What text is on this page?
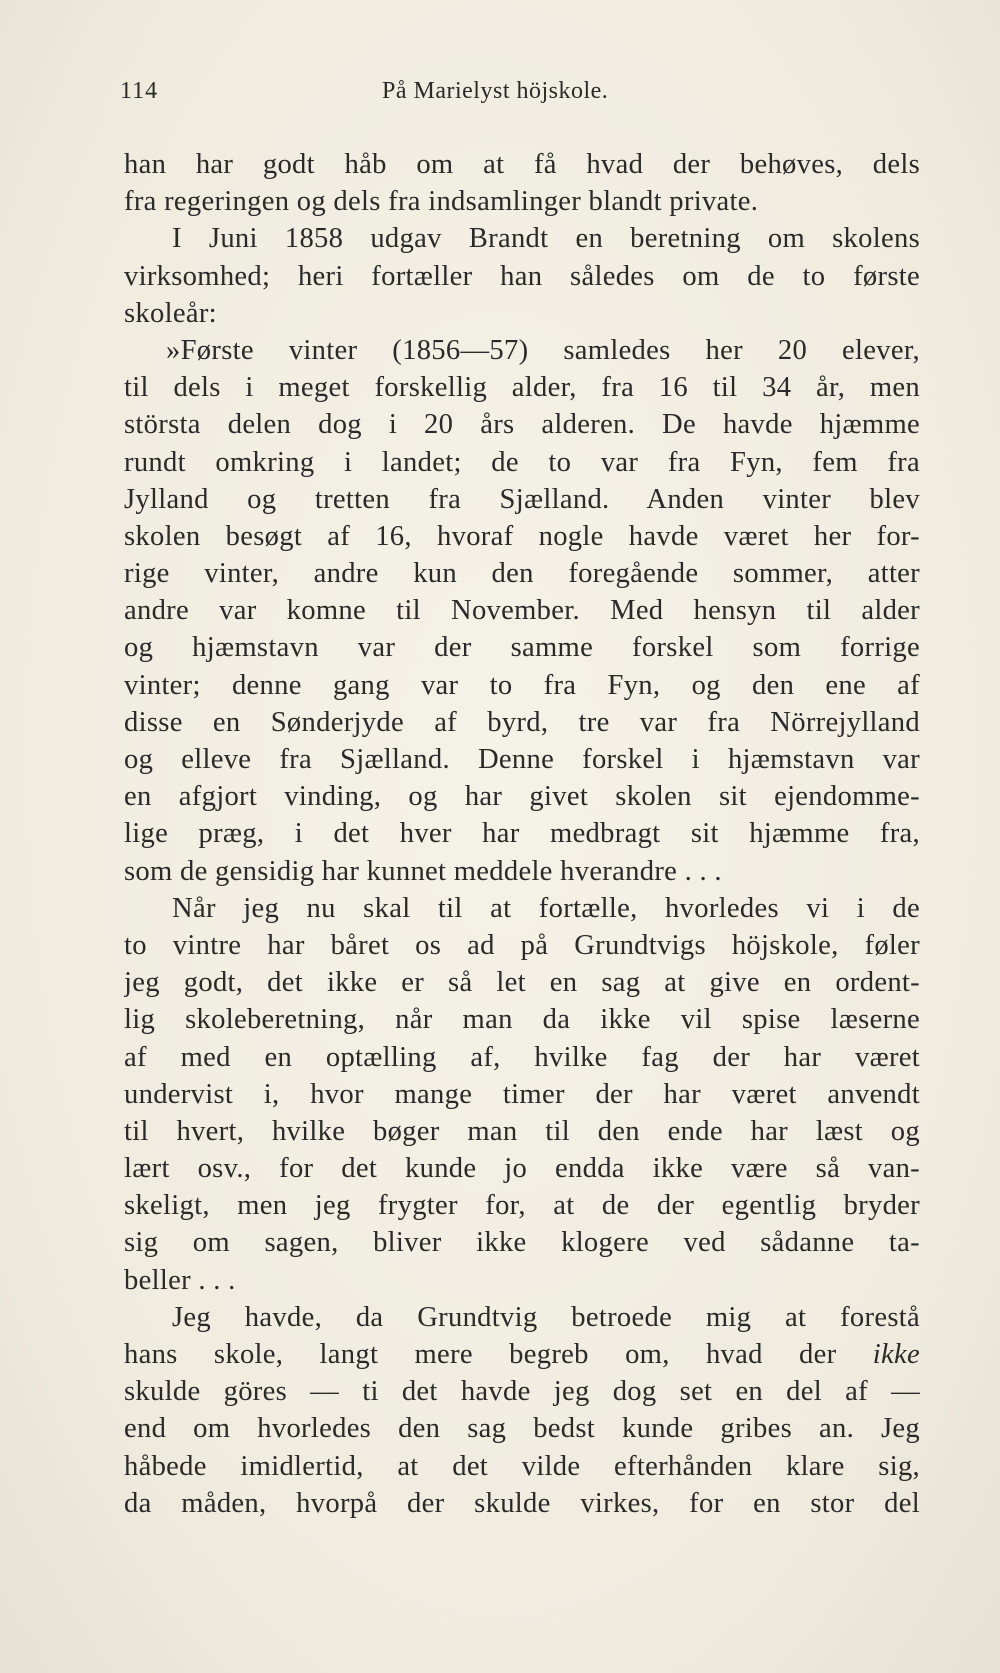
114	På Marielyst höjskole.
han har godt håb om at få hvad der behøves, dels
fra regeringen og dels fra indsamlinger blandt private.
I Juni 1858 udgav Brandt en beretning om skolens
virksomhed; heri fortæller han således om de to første
skoleår:
»Første vinter (1856—57) samledes her 20 elever,
til dels i meget forskellig alder, fra 16 til 34 år, men
största delen dog i 20 års alderen. De havde hjæmme
rundt omkring i landet; de to var fra Fyn, fem fra
Jylland og tretten fra Sjælland. Anden vinter blev
skolen besøgt af 16, hvoraf nogle havde været her for-
rige vinter, andre kun den foregående sommer, atter
andre var komne til November. Med hensyn til alder
og hjæmstavn var der samme forskel som forrige
vinter; denne gang var to fra Fyn, og den ene af
disse en Sønderjyde af byrd, tre var fra Nörrejylland
og elleve fra Sjælland. Denne forskel i hjæmstavn var
en afgjort vinding, og har givet skolen sit ejendomme-
lige præg, i det hver har medbragt sit hjæmme fra,
som de gensidig har kunnet meddele hverandre . . .
Når jeg nu skal til at fortælle, hvorledes vi i de
to vintre har båret os ad på Grundtvigs höjskole, føler
jeg godt, det ikke er så let en sag at give en ordent-
lig skoleberetning, når man da ikke vil spise læserne
af med en optælling af, hvilke fag der har været
undervist i, hvor mange timer der har været anvendt
til hvert, hvilke bøger man til den ende har læst og
lært osv., for det kunde jo endda ikke være så van-
skeligt, men jeg frygter for, at de der egentlig bryder
sig om sagen, bliver ikke klogere ved sådanne ta-
beller . . .
Jeg havde, da Grundtvig betroede mig at forestå
hans skole, langt mere begreb om, hvad der ikke
skulde göres — ti det havde jeg dog set en del af —
end om hvorledes den sag bedst kunde gribes an. Jeg
håbede imidlertid, at det vilde efterhånden klare sig,
da måden, hvorpå der skulde virkes, for en stor del
